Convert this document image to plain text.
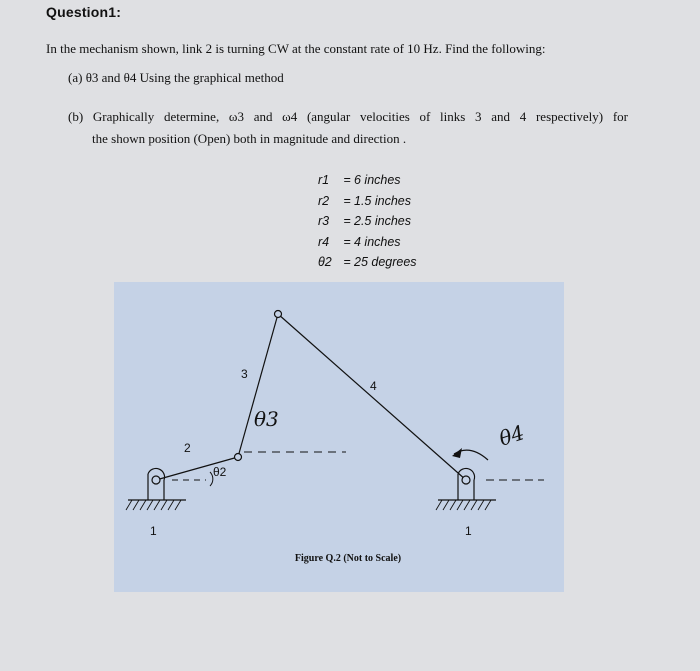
Question1:
In the mechanism shown, link 2 is turning CW at the constant rate of 10 Hz. Find the following:
(a) θ3 and θ4 Using the graphical method
(b) Graphically determine, ω3 and ω4 (angular velocities of links 3 and 4 respectively) for
the shown position (Open) both in magnitude and direction .
r1	= 6 inches
r2	= 1.5 inches
r3	= 2.5 inches
r4	= 4 inches
θ2 = 25 degrees
3
4
2
1	1
θ2
θ3
θ4
Figure Q.2 (Not to Scale)
